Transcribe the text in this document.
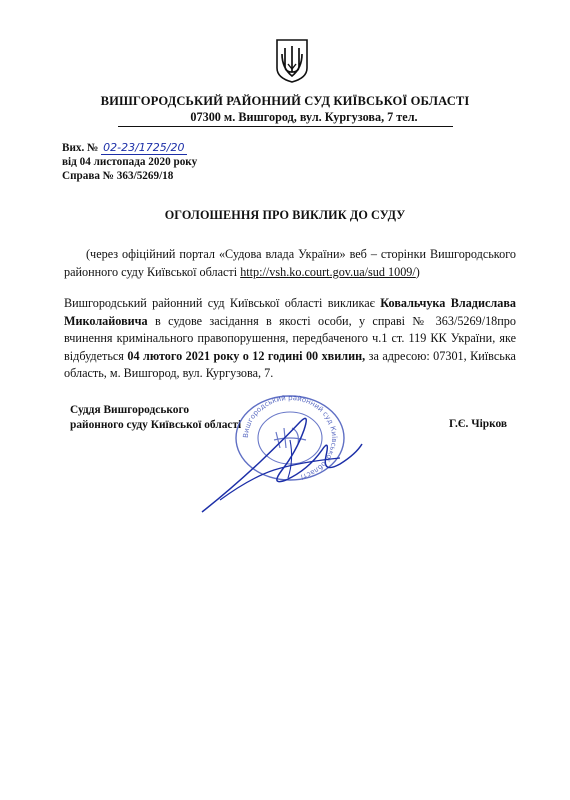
ВИШГОРОДСЬКИЙ РАЙОННИЙ СУД КИЇВСЬКОЇ ОБЛАСТІ
07300 м. Вишгород, вул. Кургузова, 7 тел.
Вих. № 02-23/1725/20
від 04 листопада 2020 року
Справа № 363/5269/18
ОГОЛОШЕННЯ ПРО ВИКЛИК ДО СУДУ
(через офіційний портал «Судова влада України» веб – сторінки Вишгородського районного суду Київської області http://vsh.ko.court.gov.ua/sud 1009/)
Вишгородський районний суд Київської області викликає Ковальчука Владислава Миколайовича в судове засідання в якості особи, у справі № 363/5269/18про вчинення кримінального правопорушення, передбаченого ч.1 ст. 119 КК України, яке відбудеться 04 лютого 2021 року о 12 годині 00 хвилин, за адресою: 07301, Київська область, м. Вишгород, вул. Кургузова, 7.
Суддя Вишгородського
районного суду Київської області	Г.Є. Чірков
Вишгородський районний суд Київської області
